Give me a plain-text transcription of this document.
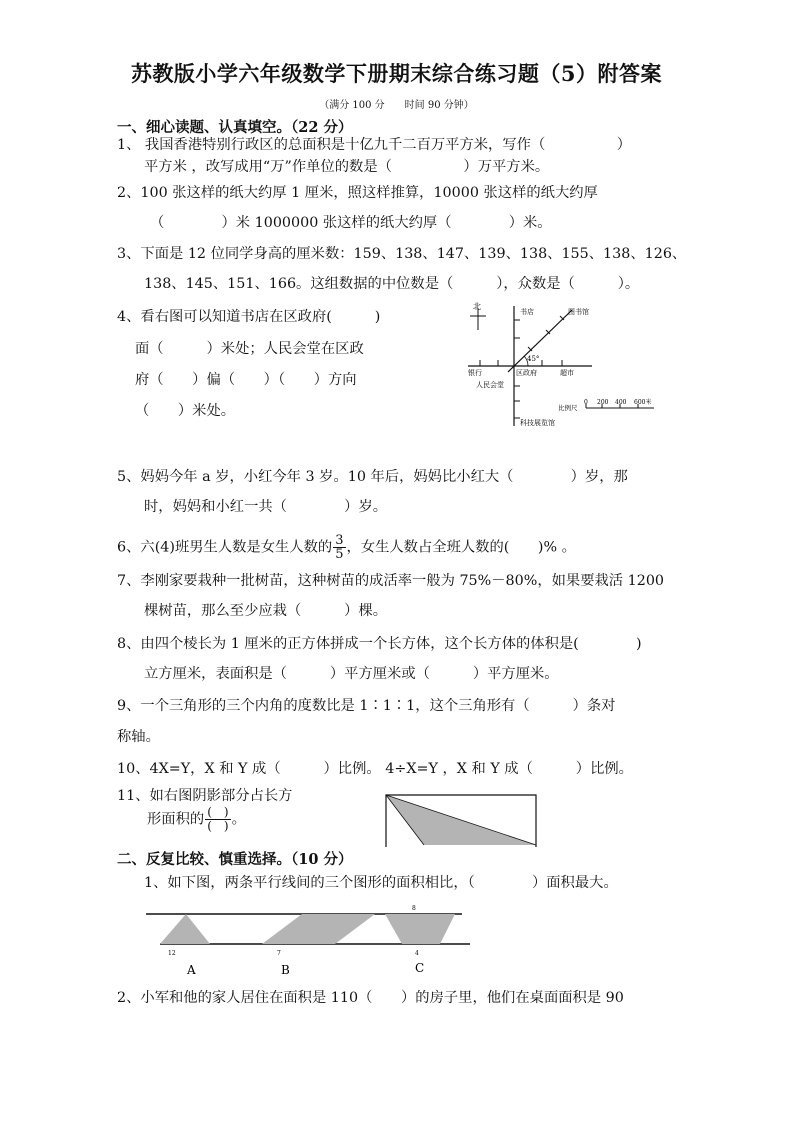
苏教版小学六年级数学下册期末综合练习题（5）附答案
（满分 100 分　　时间 90 分钟）
一、细心读题、认真填空。（22 分）
1、 我国香港特别行政区的总面积是十亿九千二百万平方米，写作（　　　　　）
平方米 ，改写成用“万”作单位的数是（　　　　　）万平方米。
2、100 张这样的纸大约厚 1 厘米，照这样推算，10000 张这样的纸大约厚
（　　　　）米 1000000 张这样的纸大约厚（　　　　）米。
3、下面是 12 位同学身高的厘米数：159、138、147、139、138、155、138、126、
138、145、151、166。这组数据的中位数是（　　　），众数是（　　　）。
4、看右图可以知道书店在区政府(　　　)
面（　　　）米处；人民会堂在区政
府（　　）偏（　　）（　　）方向
（　　）米处。
北
45°
书店	图书馆
银行	区政府	超市
人民会堂
科技展览馆
比例尺
0 200 400 600米
5、妈妈今年 a 岁，小红今年 3 岁。10 年后，妈妈比小红大（　　　　）岁，那
时，妈妈和小红一共（　　　　）岁。
6、六(4)班男生人数是女生人数的 $\frac{3}{5}$ ，女生人数占全班人数的(　　)% 。
7、李刚家要栽种一批树苗，这种树苗的成活率一般为 75%－80%，如果要栽活 1200
棵树苗，那么至少应栽（　　　）棵。
8、由四个棱长为 1 厘米的正方体拼成一个长方体，这个长方体的体积是(　　　　)
立方厘米，表面积是（　　　）平方厘米或（　　　）平方厘米。
9、一个三角形的三个内角的度数比是 1∶1∶1，这个三角形有（　　　）条对
称轴。
10、4X=Y，X 和 Y 成（　　　）比例。 4÷X=Y ，X 和 Y 成（　　　）比例。
11、如右图阴影部分占长方
形面积的 $\frac{( )}{( )}$ 。
二、反复比较、慎重选择。（10 分）
1、如下图，两条平行线间的三个图形的面积相比，（　　　　）面积最大。
8
12	7	4
A	B	C
2、小军和他的家人居住在面积是 110（　　）的房子里，他们在桌面面积是 90
